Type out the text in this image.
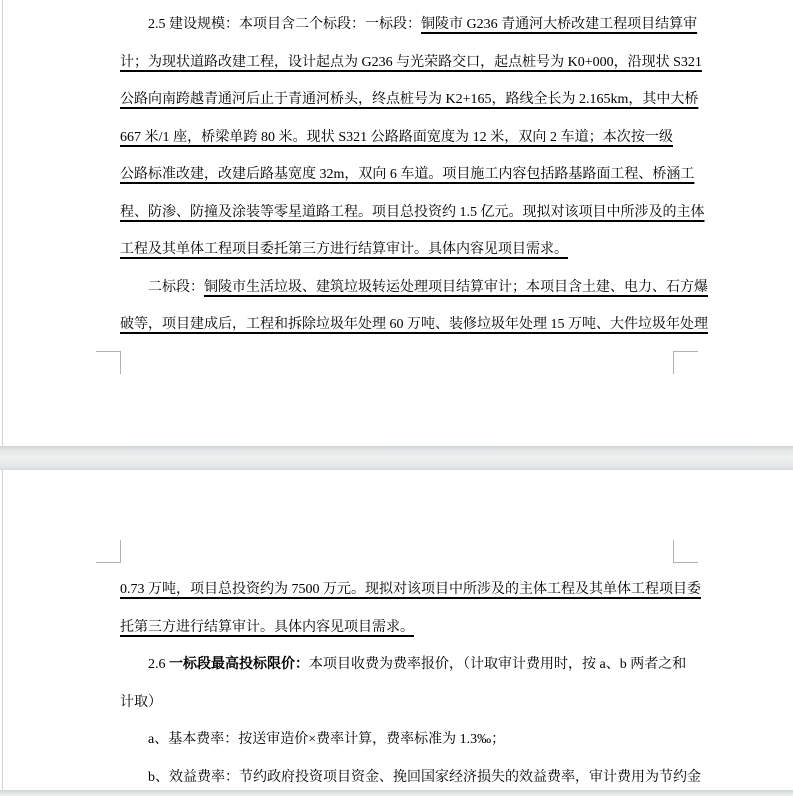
2.5 建设规模：本项目含二个标段：一标段：铜陵市 G236 青通河大桥改建工程项目结算审
计；为现状道路改建工程，设计起点为 G236 与光荣路交口，起点桩号为 K0+000，沿现状 S321
公路向南跨越青通河后止于青通河桥头，终点桩号为 K2+165，路线全长为 2.165km，其中大桥
667 米/1 座，桥梁单跨 80 米。现状 S321 公路路面宽度为 12 米，双向 2 车道；本次按一级
公路标准改建，改建后路基宽度 32m，双向 6 车道。项目施工内容包括路基路面工程、桥涵工
程、防渗、防撞及涂装等零星道路工程。项目总投资约 1.5 亿元。现拟对该项目中所涉及的主体
工程及其单体工程项目委托第三方进行结算审计。具体内容见项目需求。
二标段：铜陵市生活垃圾、建筑垃圾转运处理项目结算审计；本项目含土建、电力、石方爆
破等，项目建成后，工程和拆除垃圾年处理 60 万吨、装修垃圾年处理 15 万吨、大件垃圾年处理
0.73 万吨，项目总投资约为 7500 万元。现拟对该项目中所涉及的主体工程及其单体工程项目委
托第三方进行结算审计。具体内容见项目需求。
2.6 一标段最高投标限价：本项目收费为费率报价，（计取审计费用时，按 a、b 两者之和
计取）
a、基本费率：按送审造价×费率计算，费率标准为 1.3‰；
b、效益费率：节约政府投资项目资金、挽回国家经济损失的效益费率，审计费用为节约金
